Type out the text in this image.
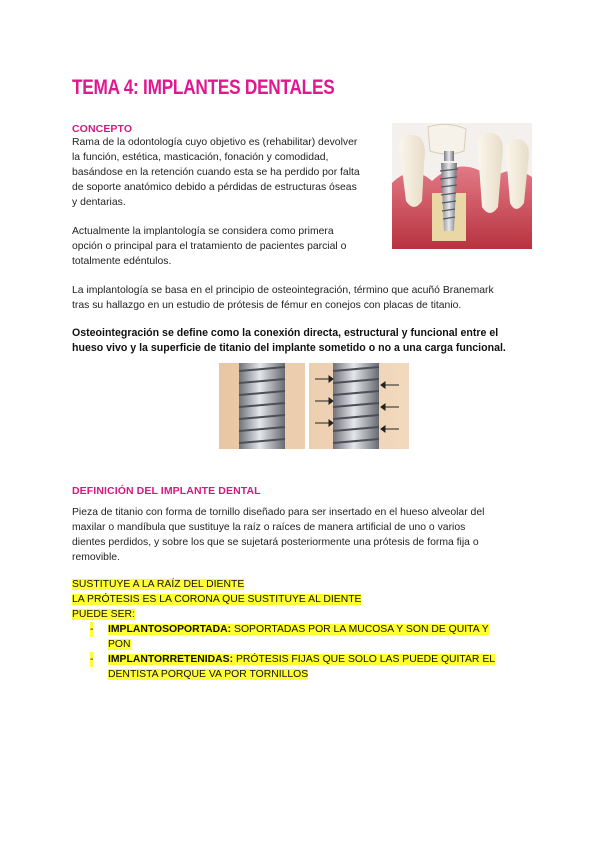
TEMA 4: IMPLANTES DENTALES
CONCEPTO
Rama de la odontología cuyo objetivo es (rehabilitar) devolver
la función, estética, masticación, fonación y comodidad,
basándose en la retención cuando esta se ha perdido por falta
de soporte anatómico debido a pérdidas de estructuras óseas
y dentarias.
Actualmente la implantología se considera como primera
opción o principal para el tratamiento de pacientes parcial o
totalmente edéntulos.
La implantología se basa en el principio de osteointegración, término que acuñó Branemark
tras su hallazgo en un estudio de prótesis de fémur en conejos con placas de titanio.
Osteointegración se define como la conexión directa, estructural y funcional entre el
hueso vivo y la superficie de titanio del implante sometido o no a una carga funcional.
DEFINICIÓN DEL IMPLANTE DENTAL
Pieza de titanio con forma de tornillo diseñado para ser insertado en el hueso alveolar del
maxilar o mandíbula que sustituye la raíz o raíces de manera artificial de uno o varios
dientes perdidos, y sobre los que se sujetará posteriormente una prótesis de forma fija o
removible.

SUSTITUYE A LA RAÍZ DEL DIENTE

LA PRÓTESIS ES LA CORONA QUE SUSTITUYE AL DIENTE

PUEDE SER:

- IMPLANTOSOPORTADA: SOPORTADAS POR LA MUCOSA Y SON DE QUITA Y
PON
- IMPLANTORRETENIDAS: PRÓTESIS FIJAS QUE SOLO LAS PUEDE QUITAR EL
DENTISTA PORQUE VA POR TORNILLOS
